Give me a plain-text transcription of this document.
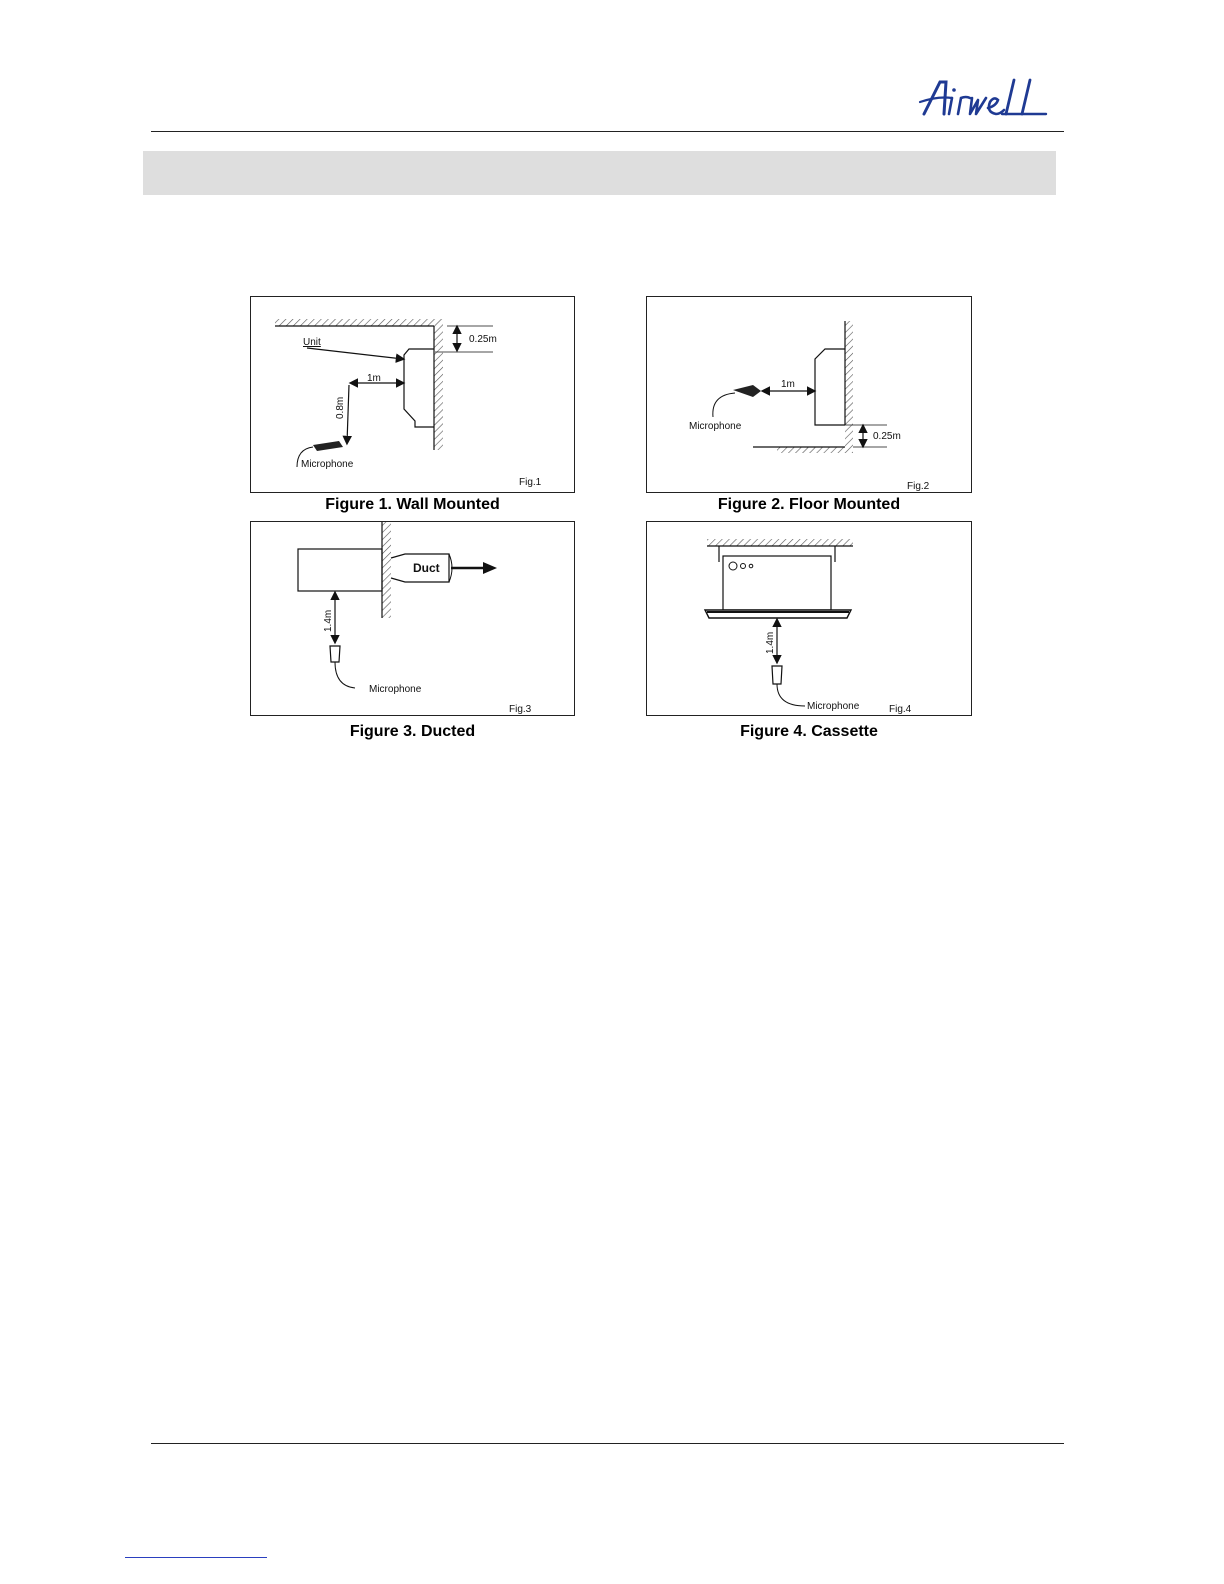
0.25m
Unit
1m
0.8m
Microphone
Fig.1
Figure 1. Wall Mounted
0.25m
1m
Microphone
Fig.2
Figure 2. Floor Mounted
Duct
1.4m
Microphone
Fig.3
Figure 3. Ducted
1.4m
Microphone	Fig.4
Figure 4. Cassette
